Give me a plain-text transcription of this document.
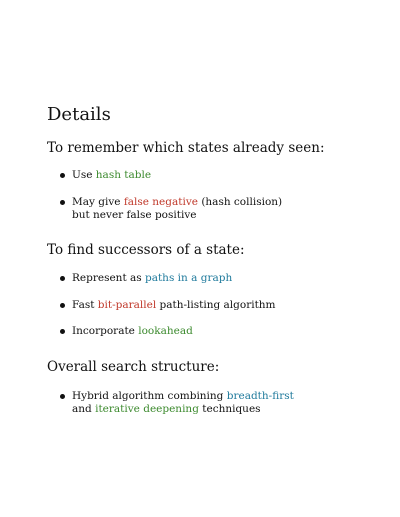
Details
To remember which states already seen:
Use hash table
May give false negative (hash collision)
but never false positive
To find successors of a state:
Represent as paths in a graph
Fast bit-parallel path-listing algorithm
Incorporate lookahead
Overall search structure:
Hybrid algorithm combining breadth-first
and iterative deepening techniques
